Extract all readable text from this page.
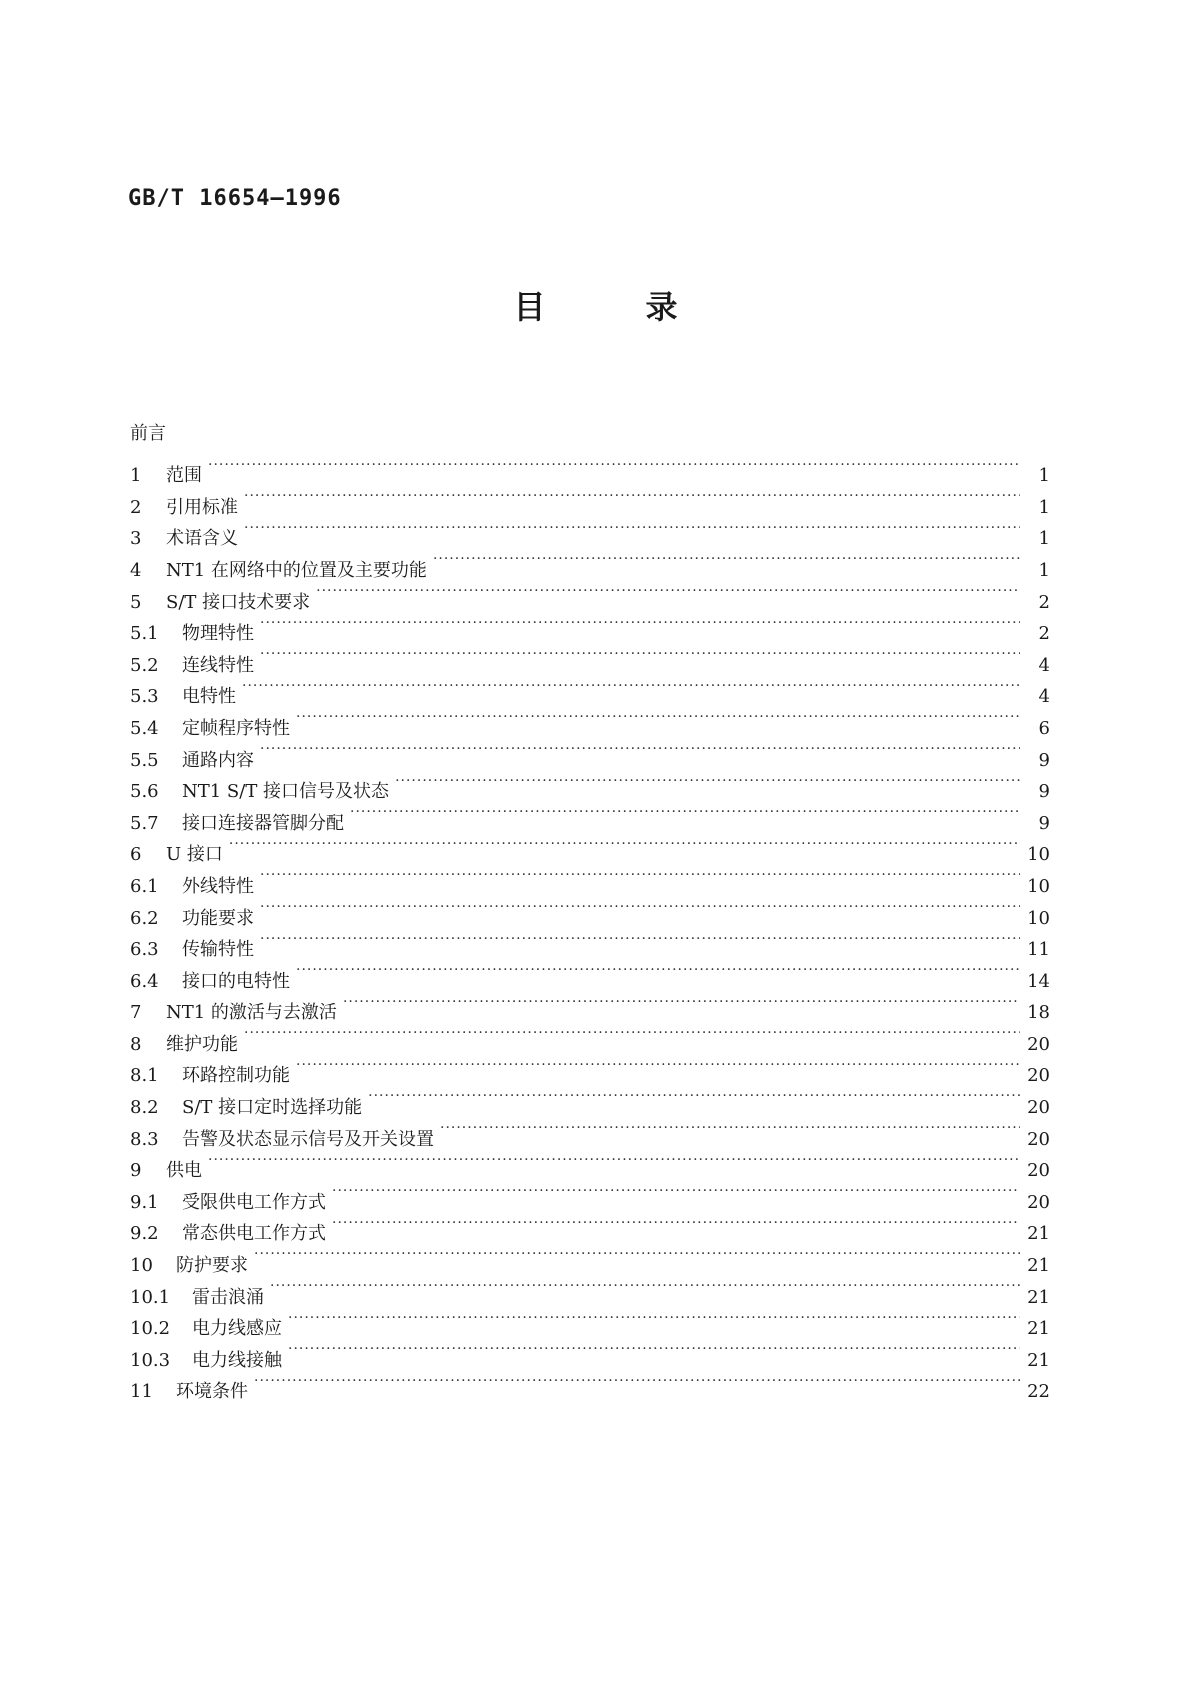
GB/T 16654—1996
目	录
前言
1	范围 ·····	1
2	引用标准 ·····	1
3	术语含义 ·····	1
4	NT1 在网络中的位置及主要功能 ·····	1
5	S/T 接口技术要求 ·····	2
5.1	物理特性 ·····	2
5.2	连线特性 ·····	4
5.3	电特性 ·····	4
5.4	定帧程序特性 ·····	6
5.5	通路内容 ·····	9
5.6	NT1 S/T 接口信号及状态 ·····	9
5.7	接口连接器管脚分配 ·····	9
6	U 接口 ·····	10
6.1	外线特性 ·····	10
6.2	功能要求 ·····	10
6.3	传输特性 ·····	11
6.4	接口的电特性 ·····	14
7	NT1 的激活与去激活 ·····	18
8	维护功能 ·····	20
8.1	环路控制功能 ·····	20
8.2	S/T 接口定时选择功能 ·····	20
8.3	告警及状态显示信号及开关设置 ·····	20
9	供电 ·····	20
9.1	受限供电工作方式 ·····	20
9.2	常态供电工作方式 ·····	21
10	防护要求 ·····	21
10.1	雷击浪涌 ·····	21
10.2	电力线感应 ·····	21
10.3	电力线接触 ·····	21
11	环境条件 ·····	22
